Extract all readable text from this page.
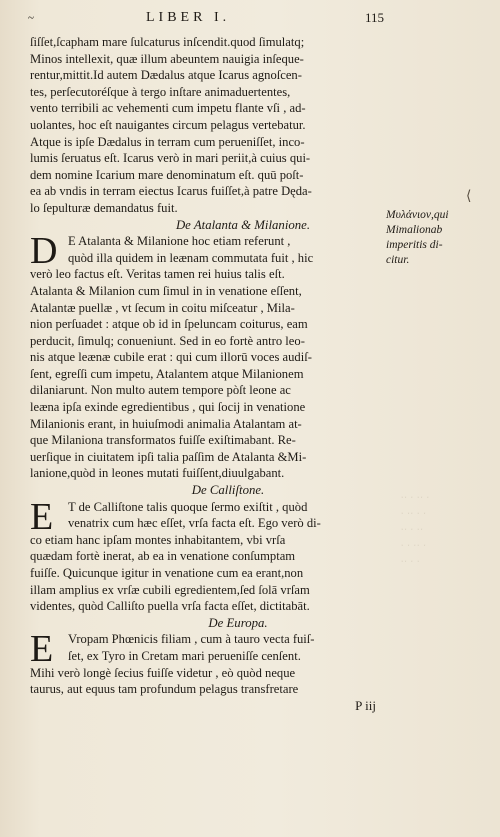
~	LIBER I.	115
ſiſſet,ſcapham mare ſulcaturus inſcendit.quod ſimulatq;
Minos intellexit, quæ illum abeuntem nauigia inſeque-
rentur,mittit.Id autem Dædalus atque Icarus agnoſcen-
tes, perſecutoréſque à tergo inſtare animaduertentes,
vento terribili ac vehementi cum impetu flante vſi , ad-
uolantes, hoc eſt nauigantes circum pelagus vertebatur.
Atque is ipſe Dædalus in terram cum perueniſſet, inco-
lumis ſeruatus eſt. Icarus verò in mari periit,à cuius qui-
dem nomine Icarium mare denominatum eſt. quū poſt-
ea ab vndis in terram eiectus Icarus fuiſſet,à patre Dęda-
lo ſepulturæ demandatus fuit.
De Atalanta & Milanione.
D E Atalanta & Milanione hoc etiam referunt ,
quòd illa quidem in leænam commutata fuit , hic
verò leo factus eſt. Veritas tamen rei huius talis eſt.
Atalanta & Milanion cum ſimul in in venatione eſſent,
Atalantæ puellæ , vt ſecum in coitu miſceatur , Mila-
nion perſuadet : atque ob id in ſpeluncam coiturus, eam
perducit, ſimulq; conueniunt. Sed in eo fortè antro leo-
nis atque leænæ cubile erat : qui cum illorū voces audiſ-
ſent, egreſſi cum impetu, Atalantem atque Milanionem
dilaniarunt. Non multo autem tempore pòſt leone ac
leæna ipſa exinde egredientibus , qui ſocij in venatione
Milanionis erant, in huiuſmodi animalia Atalantam at-
que Milaniona transformatos fuiſſe exiſtimabant. Re-
uerſique in ciuitatem ipſi talia paſſim de Atalanta &Mi-
lanione,quòd in leones mutati fuiſſent,diuulgabant.
De Calliſtone.
E	T de Calliſtone talis quoque ſermo exiſtit , quòd
venatrix cum hæc eſſet, vrſa facta eſt. Ego verò di-
co etiam hanc ipſam montes inhabitantem, vbi vrſa
quædam fortè inerat, ab ea in venatione conſumptam
fuiſſe. Quicunque igitur in venatione cum ea erant,non
illam amplius ex vrſæ cubili egredientem,ſed ſolā vrſam
videntes, quòd Calliſto puella vrſa facta eſſet, dictitabāt.
De Europa.
E	Vropam Phœnicis filiam , cum à tauro vecta fuiſ-
ſet, ex Tyro in Cretam mari perueniſſe cenſent.
Mihi verò longè ſecius fuiſſe videtur , eò quòd neque
taurus, aut equus tam profundum pelagus transfretare
P iij
⟨
Μυλάνιον,qui
Mimalionab
imperitis di-
citur.
ˑˑ ˑ ˑˑ ˑ
ˑ ˑˑ ˑ ˑ
ˑˑ ˑ ˑˑ
ˑ ˑ ˑˑ ˑ
ˑˑ ˑ ˑ
